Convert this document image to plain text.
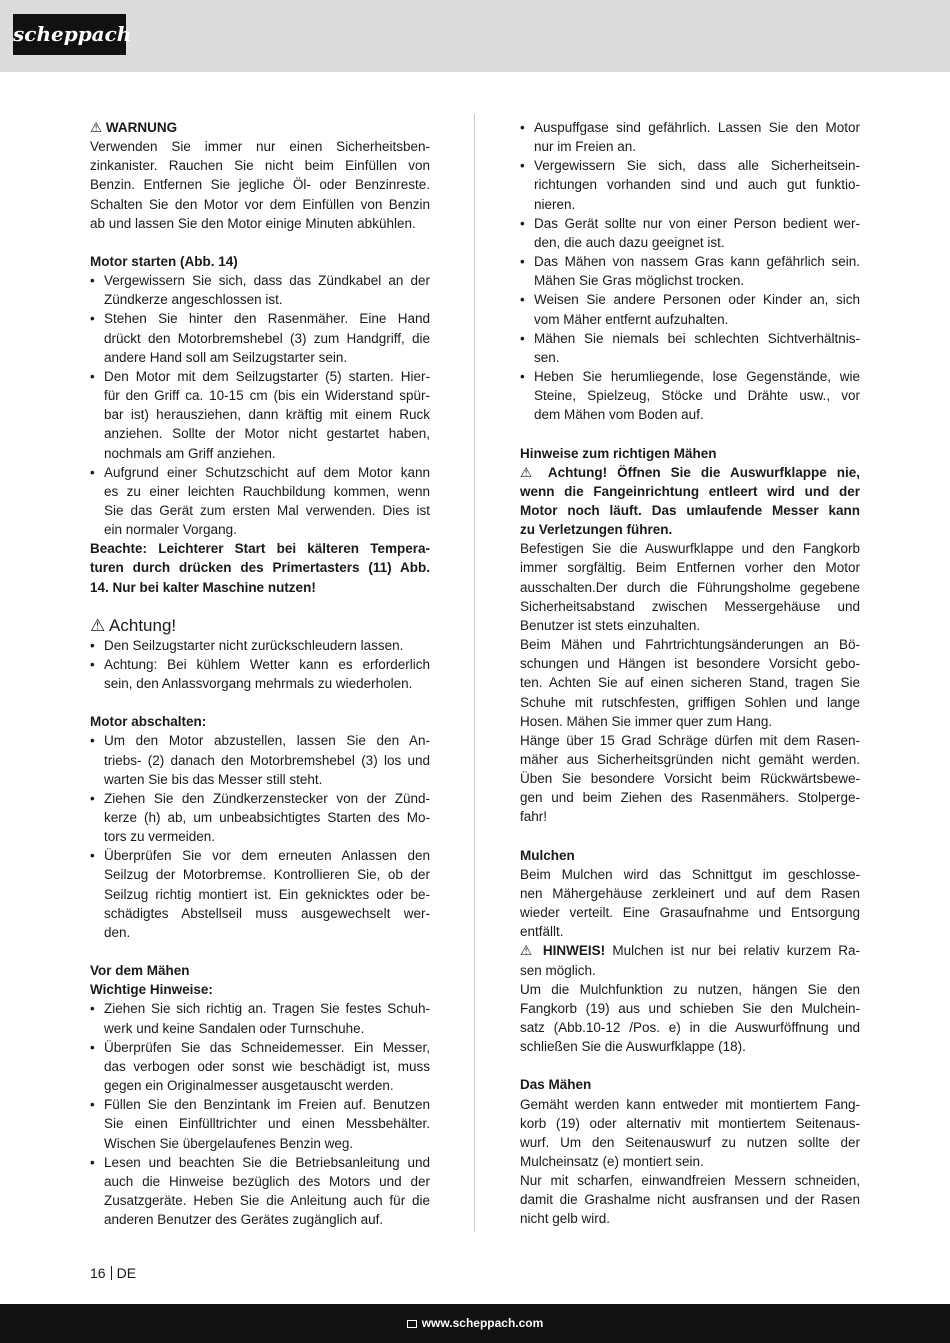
scheppach
⚠ WARNUNG
Verwenden Sie immer nur einen Sicherheitsben-
zinkanister. Rauchen Sie nicht beim Einfüllen von
Benzin. Entfernen Sie jegliche Öl- oder Benzinreste.
Schalten Sie den Motor vor dem Einfüllen von Benzin
ab und lassen Sie den Motor einige Minuten abkühlen.
Motor starten (Abb. 14)
• Vergewissern Sie sich, dass das Zündkabel an der
Zündkerze angeschlossen ist.
• Stehen Sie hinter den Rasenmäher. Eine Hand
drückt den Motorbremshebel (3) zum Handgriff, die
andere Hand soll am Seilzugstarter sein.
• Den Motor mit dem Seilzugstarter (5) starten. Hier-
für den Griff ca. 10-15 cm (bis ein Widerstand spür-
bar ist) herausziehen, dann kräftig mit einem Ruck
anziehen. Sollte der Motor nicht gestartet haben,
nochmals am Griff anziehen.
• Aufgrund einer Schutzschicht auf dem Motor kann
es zu einer leichten Rauchbildung kommen, wenn
Sie das Gerät zum ersten Mal verwenden. Dies ist
ein normaler Vorgang.
Beachte: Leichterer Start bei kälteren Tempera-
turen durch drücken des Primertasters (11) Abb.
14. Nur bei kalter Maschine nutzen!
⚠ Achtung!
• Den Seilzugstarter nicht zurückschleudern lassen.
• Achtung: Bei kühlem Wetter kann es erforderlich
sein, den Anlassvorgang mehrmals zu wiederholen.
Motor abschalten:
• Um den Motor abzustellen, lassen Sie den An-
triebs- (2) danach den Motorbremshebel (3) los und
warten Sie bis das Messer still steht.
• Ziehen Sie den Zündkerzenstecker von der Zünd-
kerze (h) ab, um unbeabsichtigtes Starten des Mo-
tors zu vermeiden.
• Überprüfen Sie vor dem erneuten Anlassen den
Seilzug der Motorbremse. Kontrollieren Sie, ob der
Seilzug richtig montiert ist. Ein geknicktes oder be-
schädigtes Abstellseil muss ausgewechselt wer-
den.
Vor dem Mähen
Wichtige Hinweise:
• Ziehen Sie sich richtig an. Tragen Sie festes Schuh-
werk und keine Sandalen oder Turnschuhe.
• Überprüfen Sie das Schneidemesser. Ein Messer,
das verbogen oder sonst wie beschädigt ist, muss
gegen ein Originalmesser ausgetauscht werden.
• Füllen Sie den Benzintank im Freien auf. Benutzen
Sie einen Einfülltrichter und einen Messbehälter.
Wischen Sie übergelaufenes Benzin weg.
• Lesen und beachten Sie die Betriebsanleitung und
auch die Hinweise bezüglich des Motors und der
Zusatzgeräte. Heben Sie die Anleitung auch für die
anderen Benutzer des Gerätes zugänglich auf.
• Auspuffgase sind gefährlich. Lassen Sie den Motor
nur im Freien an.
• Vergewissern Sie sich, dass alle Sicherheitsein-
richtungen vorhanden sind und auch gut funktio-
nieren.
• Das Gerät sollte nur von einer Person bedient wer-
den, die auch dazu geeignet ist.
• Das Mähen von nassem Gras kann gefährlich sein.
Mähen Sie Gras möglichst trocken.
• Weisen Sie andere Personen oder Kinder an, sich
vom Mäher entfernt aufzuhalten.
• Mähen Sie niemals bei schlechten Sichtverhältnis-
sen.
• Heben Sie herumliegende, lose Gegenstände, wie
Steine, Spielzeug, Stöcke und Drähte usw., vor
dem Mähen vom Boden auf.
Hinweise zum richtigen Mähen
⚠ Achtung! Öffnen Sie die Auswurfklappe nie,
wenn die Fangeinrichtung entleert wird und der
Motor noch läuft. Das umlaufende Messer kann
zu Verletzungen führen.
Befestigen Sie die Auswurfklappe und den Fangkorb
immer sorgfältig. Beim Entfernen vorher den Motor
ausschalten.Der durch die Führungsholme gegebene
Sicherheitsabstand zwischen Messergehäuse und
Benutzer ist stets einzuhalten.
Beim Mähen und Fahrtrichtungsänderungen an Bö-
schungen und Hängen ist besondere Vorsicht gebo-
ten. Achten Sie auf einen sicheren Stand, tragen Sie
Schuhe mit rutschfesten, griffigen Sohlen und lange
Hosen. Mähen Sie immer quer zum Hang.
Hänge über 15 Grad Schräge dürfen mit dem Rasen-
mäher aus Sicherheitsgründen nicht gemäht werden.
Üben Sie besondere Vorsicht beim Rückwärtsbewe-
gen und beim Ziehen des Rasenmähers. Stolperge-
fahr!
Mulchen
Beim Mulchen wird das Schnittgut im geschlosse-
nen Mähergehäuse zerkleinert und auf dem Rasen
wieder verteilt. Eine Grasaufnahme und Entsorgung
entfällt.
⚠ HINWEIS! Mulchen ist nur bei relativ kurzem Ra-
sen möglich.
Um die Mulchfunktion zu nutzen, hängen Sie den
Fangkorb (19) aus und schieben Sie den Mulchein-
satz (Abb.10-12 /Pos. e) in die Auswurföffnung und
schließen Sie die Auswurfklappe (18).
Das Mähen
Gemäht werden kann entweder mit montiertem Fang-
korb (19) oder alternativ mit montiertem Seitenaus-
wurf. Um den Seitenauswurf zu nutzen sollte der
Mulcheinsatz (e) montiert sein.
Nur mit scharfen, einwandfreien Messern schneiden,
damit die Grashalme nicht ausfransen und der Rasen
nicht gelb wird.
16 DE
www.scheppach.com
